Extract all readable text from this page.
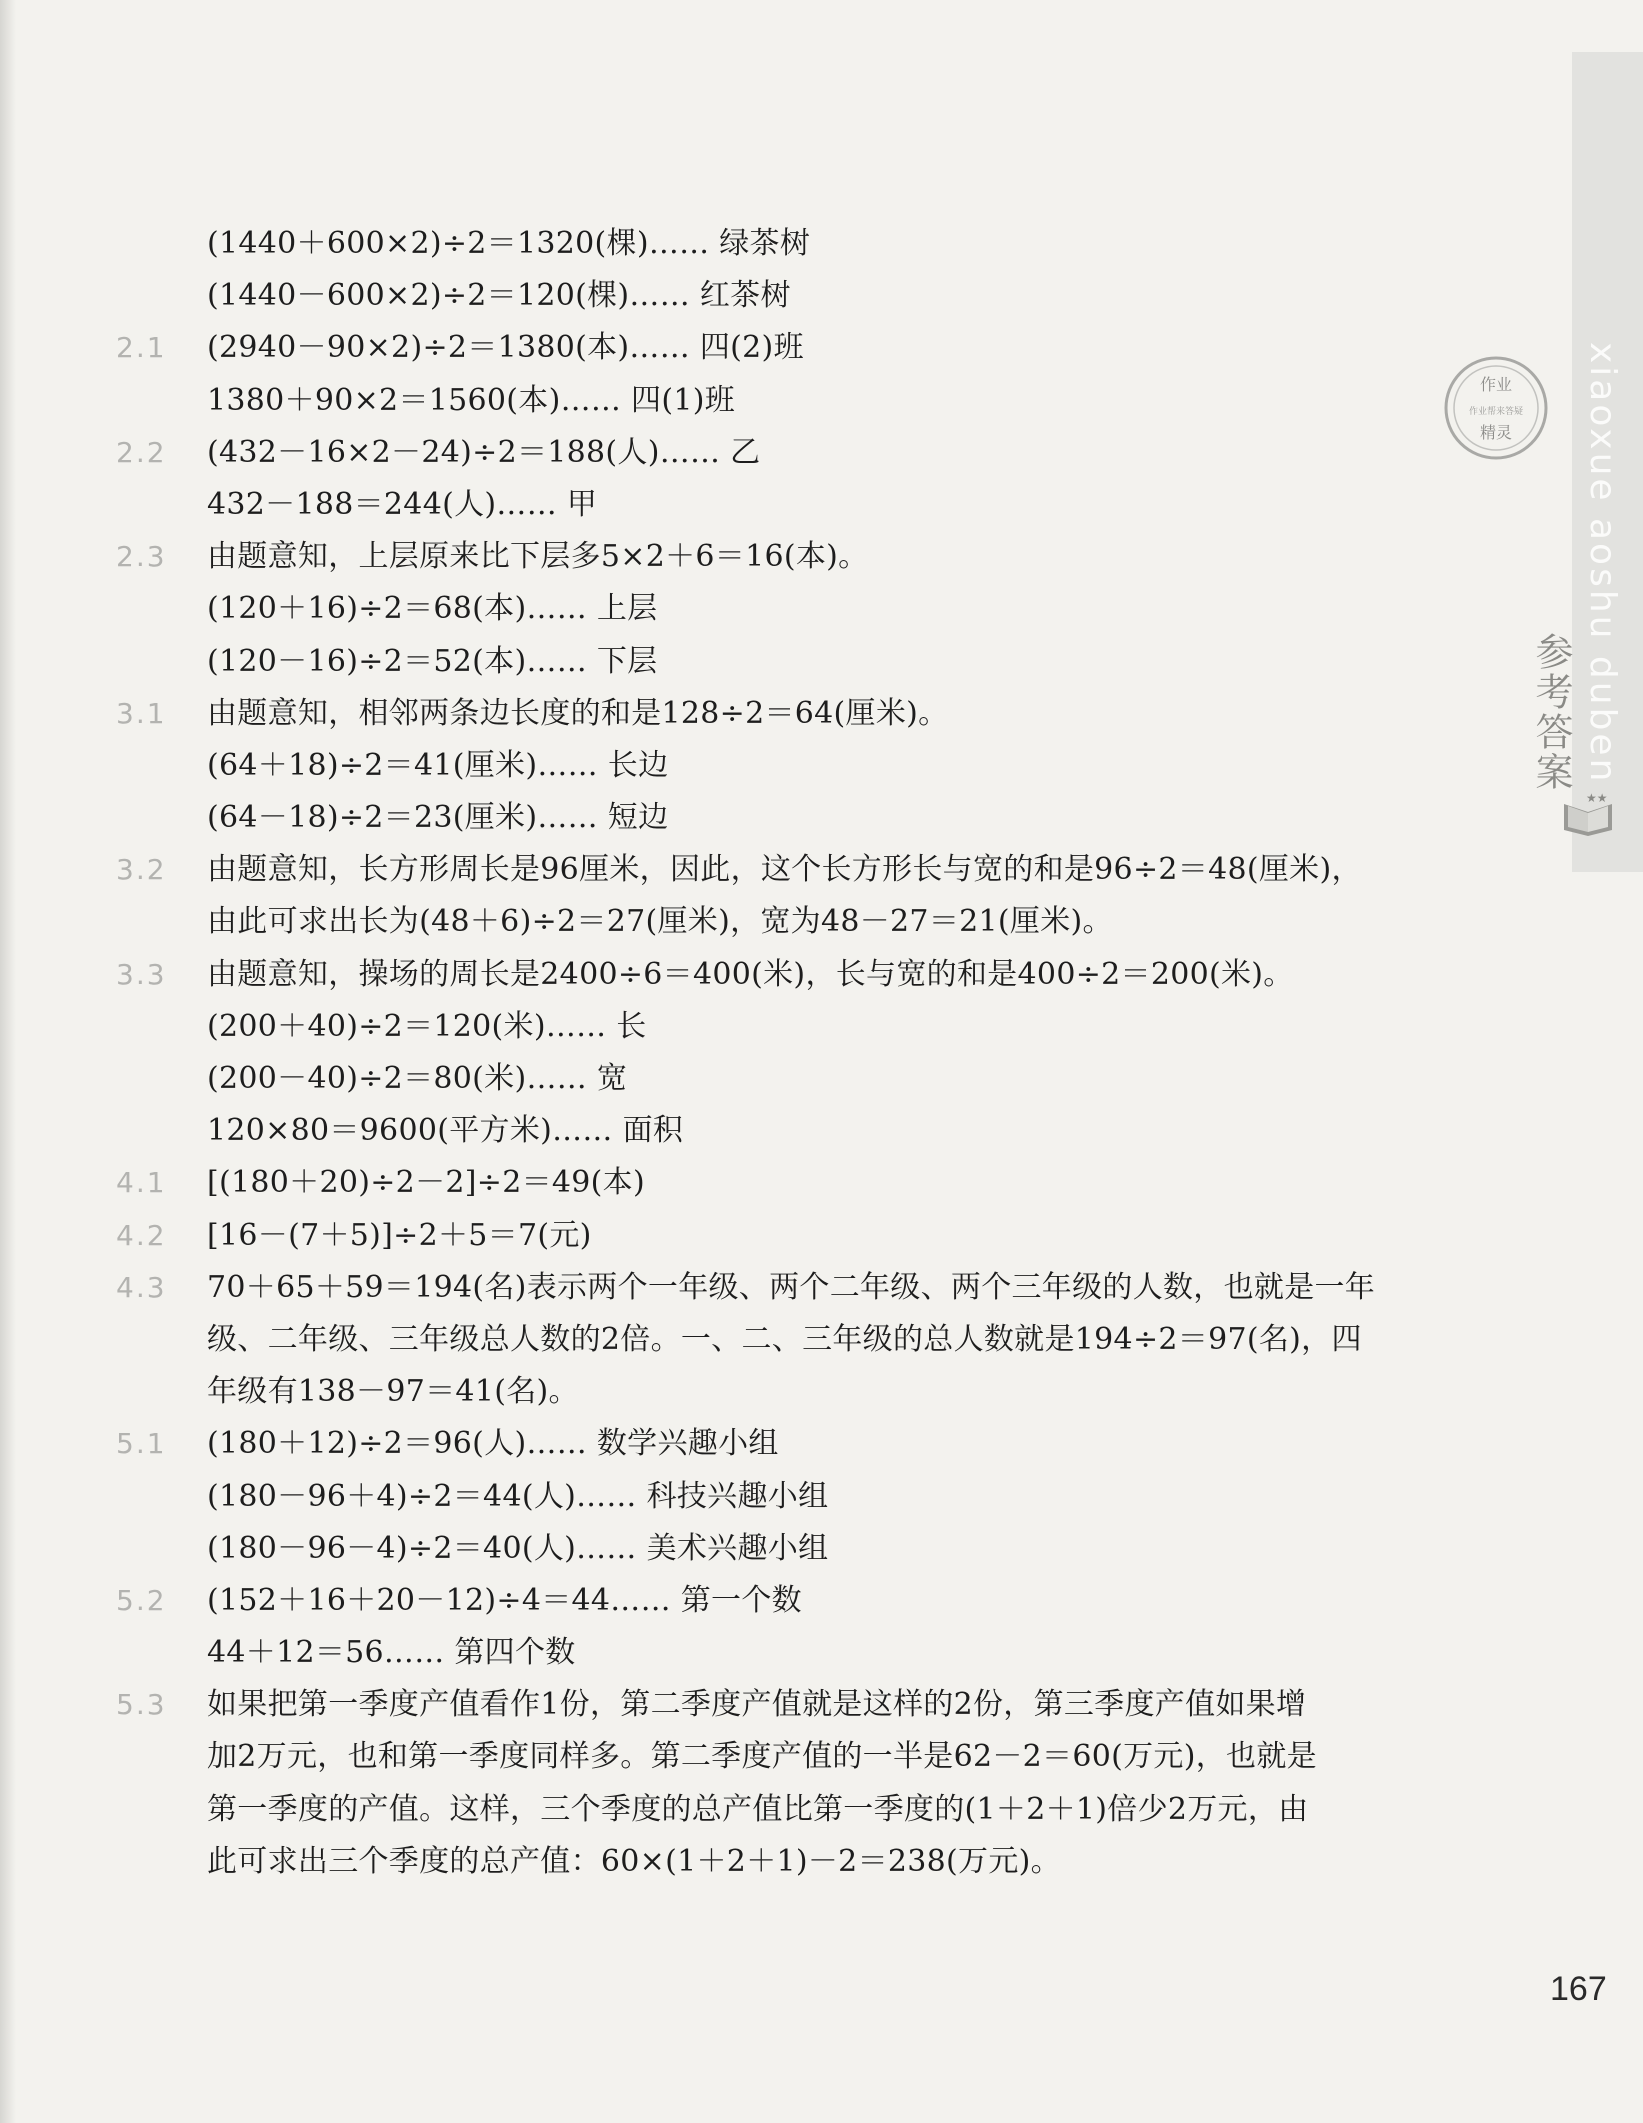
xiaoxue aoshu duben
作业
作业帮来答疑
精灵
参考答案
★★
(1440＋600×2)÷2＝1320(棵)…… 绿茶树
(1440－600×2)÷2＝120(棵)…… 红茶树
2.1 (2940－90×2)÷2＝1380(本)…… 四(2)班
1380＋90×2＝1560(本)…… 四(1)班
2.2 (432－16×2－24)÷2＝188(人)…… 乙
432－188＝244(人)…… 甲
2.3 由题意知，上层原来比下层多5×2＋6＝16(本)。
(120＋16)÷2＝68(本)…… 上层
(120－16)÷2＝52(本)…… 下层
3.1 由题意知，相邻两条边长度的和是128÷2＝64(厘米)。
(64＋18)÷2＝41(厘米)…… 长边
(64－18)÷2＝23(厘米)…… 短边
3.2 由题意知，长方形周长是96厘米，因此，这个长方形长与宽的和是96÷2＝48(厘米)，
由此可求出长为(48＋6)÷2＝27(厘米)，宽为48－27＝21(厘米)。
3.3 由题意知，操场的周长是2400÷6＝400(米)，长与宽的和是400÷2＝200(米)。
(200＋40)÷2＝120(米)…… 长
(200－40)÷2＝80(米)…… 宽
120×80＝9600(平方米)…… 面积
4.1 [(180＋20)÷2－2]÷2＝49(本)
4.2 [16－(7＋5)]÷2＋5＝7(元)
4.3 70＋65＋59＝194(名)表示两个一年级、两个二年级、两个三年级的人数，也就是一年
级、二年级、三年级总人数的2倍。一、二、三年级的总人数就是194÷2＝97(名)，四
年级有138－97＝41(名)。
5.1 (180＋12)÷2＝96(人)…… 数学兴趣小组
(180－96＋4)÷2＝44(人)…… 科技兴趣小组
(180－96－4)÷2＝40(人)…… 美术兴趣小组
5.2 (152＋16＋20－12)÷4＝44…… 第一个数
44＋12＝56…… 第四个数
5.3 如果把第一季度产值看作1份，第二季度产值就是这样的2份，第三季度产值如果增
加2万元，也和第一季度同样多。第二季度产值的一半是62－2＝60(万元)，也就是
第一季度的产值。这样，三个季度的总产值比第一季度的(1＋2＋1)倍少2万元，由
此可求出三个季度的总产值：60×(1＋2＋1)－2＝238(万元)。
167
